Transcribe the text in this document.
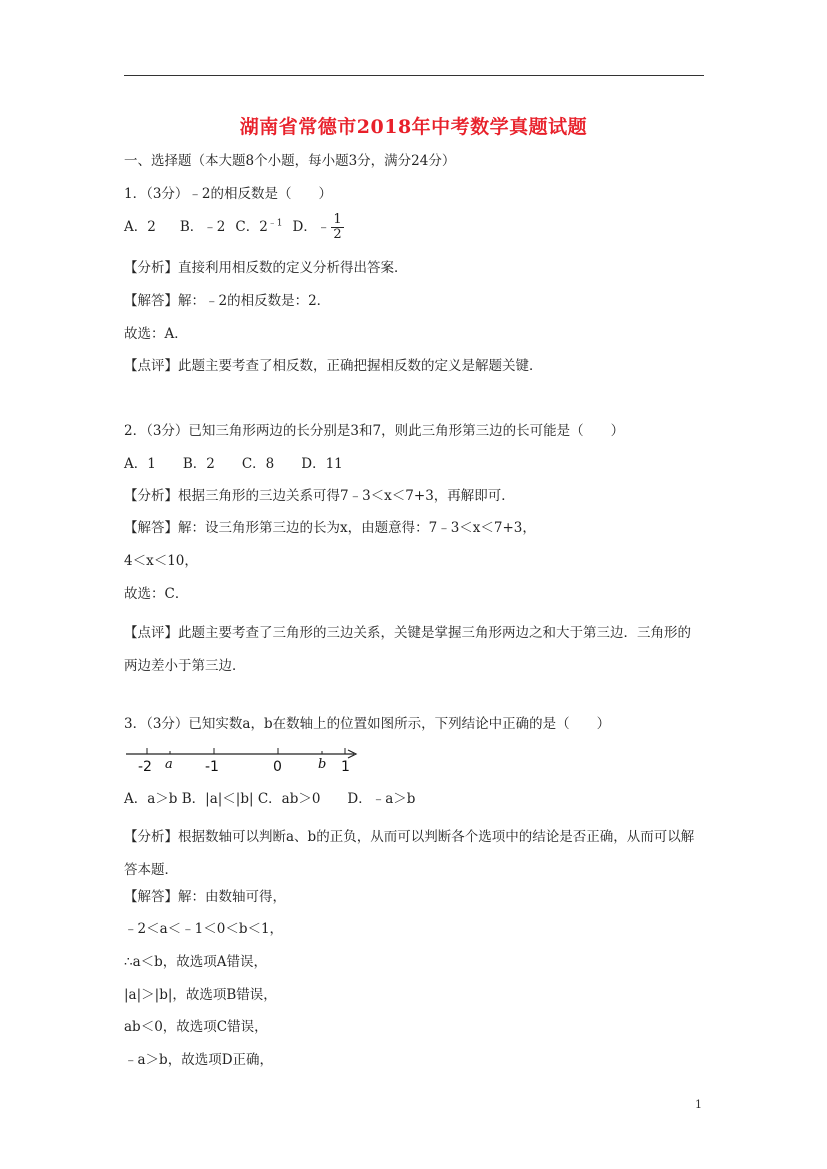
湖南省常德市2018年中考数学真题试题
一、选择题（本大题8个小题，每小题3分，满分24分）
1．（3分）﹣2的相反数是（　　）
A．2 B．﹣2 C．$2^{﹣1}$ D．﹣ $\frac{1}{2}$
【分析】直接利用相反数的定义分析得出答案．
【解答】解：﹣2的相反数是：2．
故选：A．
【点评】此题主要考查了相反数，正确把握相反数的定义是解题关键．
2．（3分）已知三角形两边的长分别是3和7，则此三角形第三边的长可能是（　　）
A．1　　B．2　　C．8　　D．11
【分析】根据三角形的三边关系可得7﹣3＜x＜7+3，再解即可．
【解答】解：设三角形第三边的长为x，由题意得：7﹣3＜x＜7+3，
4＜x＜10，
故选：C．
【点评】此题主要考查了三角形的三边关系，关键是掌握三角形两边之和大于第三边．三角形的两边差小于第三边．
3．（3分）已知实数a，b在数轴上的位置如图所示，下列结论中正确的是（　　）
-2 a -1	0	b 1
A．a＞b B．|a|＜|b| C．ab＞0　　D．﹣a＞b
【分析】根据数轴可以判断a、b的正负，从而可以判断各个选项中的结论是否正确，从而可以解答本题．
【解答】解：由数轴可得，
﹣2＜a＜﹣1＜0＜b＜1，
∴a＜b，故选项A错误，
|a|＞|b|，故选项B错误，
ab＜0，故选项C错误，
﹣a＞b，故选项D正确，
1
